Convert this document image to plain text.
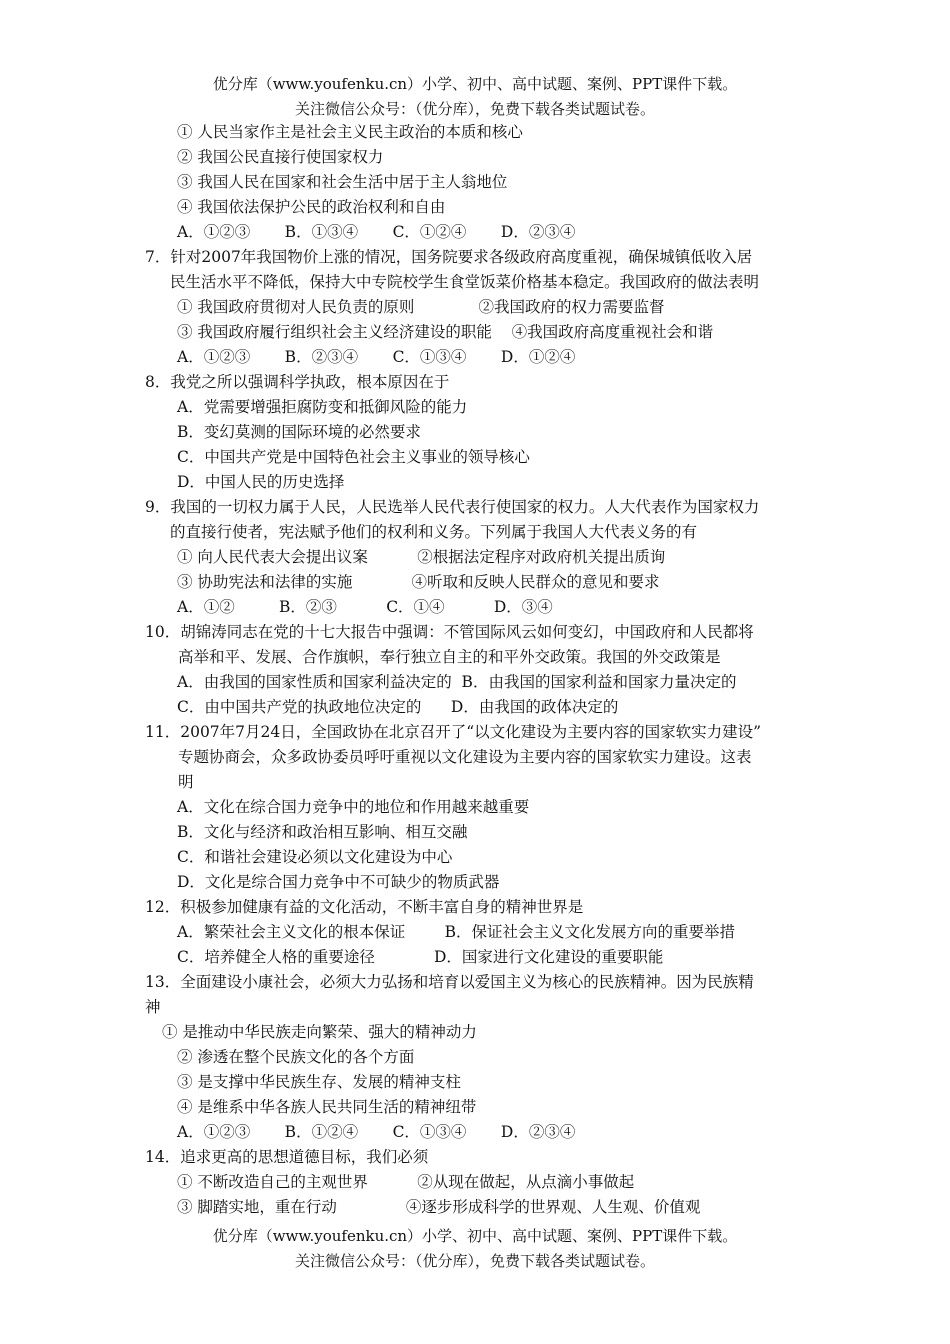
优分库（www.youfenku.cn）小学、初中、高中试题、案例、PPT课件下载。
关注微信公众号：（优分库），免费下载各类试题试卷。
① 人民当家作主是社会主义民主政治的本质和核心
② 我国公民直接行使国家权力
③ 我国人民在国家和社会生活中居于主人翁地位
④ 我国依法保护公民的政治权利和自由
A．①②③       B．①③④       C．①②④       D．②③④
7．针对2007年我国物价上涨的情况，国务院要求各级政府高度重视，确保城镇低收入居
民生活水平不降低，保持大中专院校学生食堂饭菜价格基本稳定。我国政府的做法表明
① 我国政府贯彻对人民负责的原则             ②我国政府的权力需要监督
③ 我国政府履行组织社会主义经济建设的职能    ④我国政府高度重视社会和谐
A．①②③       B．②③④       C．①③④       D．①②④
8．我党之所以强调科学执政，根本原因在于
A．党需要增强拒腐防变和抵御风险的能力
B．变幻莫测的国际环境的必然要求
C．中国共产党是中国特色社会主义事业的领导核心
D．中国人民的历史选择
9．我国的一切权力属于人民，人民选举人民代表行使国家的权力。人大代表作为国家权力
的直接行使者，宪法赋予他们的权利和义务。下列属于我国人大代表义务的有
① 向人民代表大会提出议案          ②根据法定程序对政府机关提出质询
③ 协助宪法和法律的实施            ④听取和反映人民群众的意见和要求
A．①②         B．②③          C．①④          D．③④
10．胡锦涛同志在党的十七大报告中强调：不管国际风云如何变幻，中国政府和人民都将
高举和平、发展、合作旗帜，奉行独立自主的和平外交政策。我国的外交政策是
A．由我国的国家性质和国家利益决定的  B．由我国的国家利益和国家力量决定的
C．由中国共产党的执政地位决定的      D．由我国的政体决定的
11．2007年7月24日，全国政协在北京召开了“以文化建设为主要内容的国家软实力建设”
专题协商会，众多政协委员呼吁重视以文化建设为主要内容的国家软实力建设。这表
明
A．文化在综合国力竞争中的地位和作用越来越重要
B．文化与经济和政治相互影响、相互交融
C．和谐社会建设必须以文化建设为中心
D．文化是综合国力竞争中不可缺少的物质武器
12．积极参加健康有益的文化活动，不断丰富自身的精神世界是
A．繁荣社会主义文化的根本保证        B．保证社会主义文化发展方向的重要举措
C．培养健全人格的重要途径            D．国家进行文化建设的重要职能
13．全面建设小康社会，必须大力弘扬和培育以爱国主义为核心的民族精神。因为民族精
神
① 是推动中华民族走向繁荣、强大的精神动力
② 渗透在整个民族文化的各个方面
③ 是支撑中华民族生存、发展的精神支柱
④ 是维系中华各族人民共同生活的精神纽带
A．①②③       B．①②④       C．①③④       D．②③④
14．追求更高的思想道德目标，我们必须
① 不断改造自己的主观世界          ②从现在做起，从点滴小事做起
③ 脚踏实地，重在行动              ④逐步形成科学的世界观、人生观、价值观
优分库（www.youfenku.cn）小学、初中、高中试题、案例、PPT课件下载。
关注微信公众号：（优分库），免费下载各类试题试卷。
